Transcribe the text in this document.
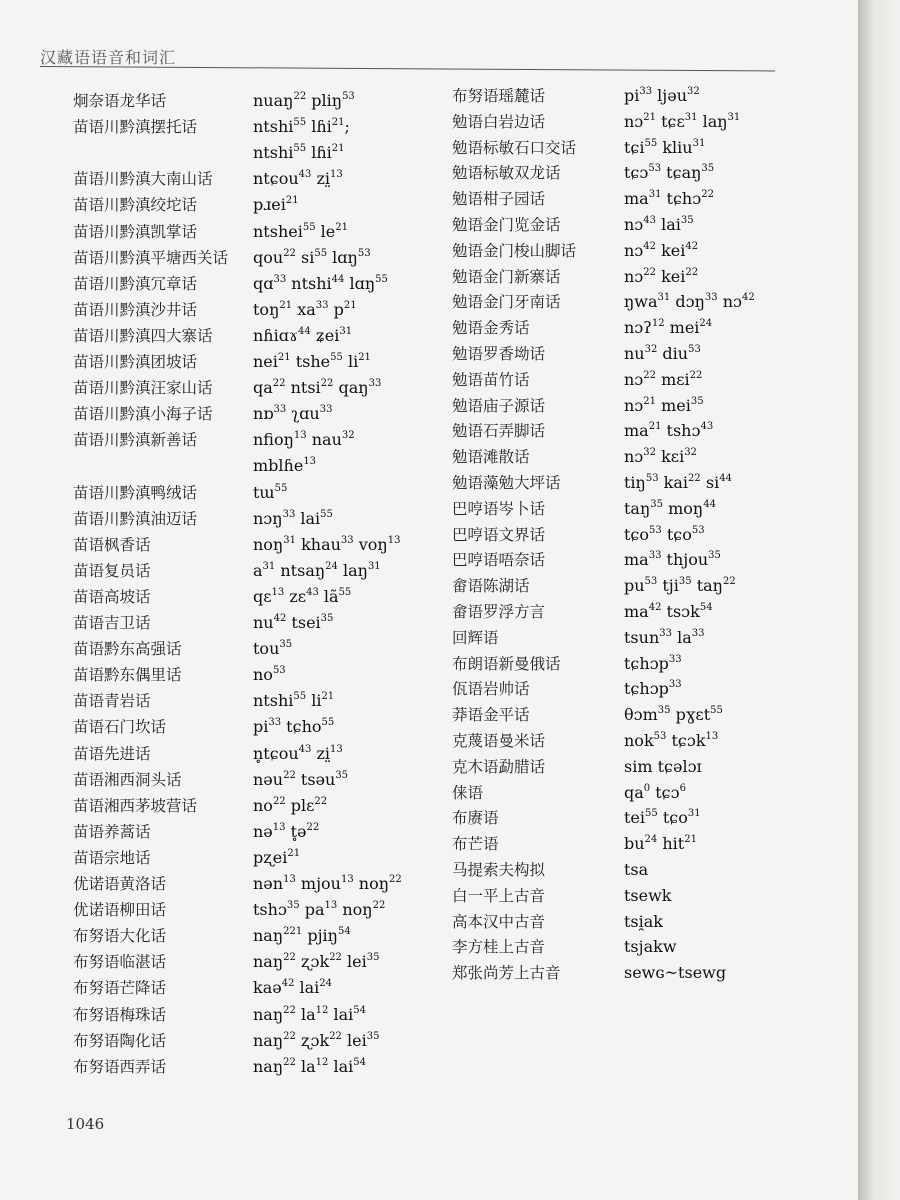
汉藏语语音和词汇
炯奈语龙华话	nuaŋ$^{22}$ pliŋ$^{53}$
苗语川黔滇摆托话	ntshi$^{55}$ lɦi$^{21}$;
ntshi$^{55}$ lɦi$^{21}$
苗语川黔滇大南山话	ntɕou$^{43}$ zi̤$^{13}$
苗语川黔滇绞坨话	pɹei$^{21}$
苗语川黔滇凯掌话	ntshei$^{55}$ $le^{21}$
苗语川黔滇平塘西关话 qou$^{22}$ $si^{55}$ lɑŋ$^{53}$
苗语川黔滇冗章话	qɑ$^{33}$ ntshi$^{44}$ lɑŋ$^{55}$
苗语川黔滇沙井话	toŋ$^{21}$ $xa^{33}$ $p^{21}$
苗语川黔滇四大寨话	nɦiɑɤ$^{44}$ ʑei$^{31}$
苗语川黔滇团坡话	nei$^{21}$ tshe$^{55}$ $li^{21}$
苗语川黔滇汪家山话	$qa^{22}$ ntsi$^{22}$ qaŋ$^{33}$
苗语川黔滇小海子话	nɒ$^{33}$ ʅɑu$^{33}$
苗语川黔滇新善话	nfioŋ$^{13}$ nau$^{32}$
mblɦe$^{13}$
苗语川黔滇鸭绒话	tɯ$^{55}$
苗语川黔滇油迈话	nɔŋ$^{33}$ lai$^{55}$
苗语枫香话	noŋ$^{31}$ khau$^{33}$ voŋ$^{13}$
苗语复员话	$a^{31}$ ntsaŋ$^{24}$ laŋ$^{31}$
苗语高坡话	qɛ$^{13}$ zɛ$^{43}$ $lã^{55}$
苗语吉卫话	$nu^{42}$ tsei$^{35}$
苗语黔东高强话	tou$^{35}$
苗语黔东偶里话	$no^{53}$
苗语青岩话	ntshi$^{55}$ $li^{21}$
苗语石门坎话	$pi^{33}$ tɕho$^{55}$
苗语先进话	n̥tɕou$^{43}$ zi̤$^{13}$
苗语湘西洞头话	nəu$^{22}$ tsəu$^{35}$
苗语湘西茅坡营话	$no^{22}$ plɛ$^{22}$
苗语养蒿话	nə$^{13}$ t̥ə$^{22}$
苗语宗地话	pʐei$^{21}$
优诺语黄洛话	nən$^{13}$ mjou$^{13}$ noŋ$^{22}$
优诺语柳田话	tshɔ$^{35}$ $pa^{13}$ noŋ$^{22}$
布努语大化话	naŋ$^{221}$ pjiŋ$^{54}$
布努语临湛话	naŋ$^{22}$ ʐɔk$^{22}$ lei$^{35}$
布努语芒降话	kaə$^{42}$ lai$^{24}$
布努语梅珠话	naŋ$^{22}$ $la^{12}$ lai$^{54}$
布努语陶化话	naŋ$^{22}$ ʐɔk$^{22}$ lei$^{35}$
布努语西弄话	naŋ$^{22}$ $la^{12}$ lai$^{54}$
布努语瑶麓话	$pi^{33}$ ljəu$^{32}$
勉语白岩边话	nɔ$^{21}$ tɕɛ$^{31}$ laŋ$^{31}$
勉语标敏石口交话	tɕi$^{55}$ kliu$^{31}$
勉语标敏双龙话	tɕɔ$^{53}$ tɕaŋ$^{35}$
勉语柑子园话	$ma^{31}$ tɕhɔ$^{22}$
勉语金门览金话	nɔ$^{43}$ lai$^{35}$
勉语金门梭山脚话	nɔ$^{42}$ kei$^{42}$
勉语金门新寨话	nɔ$^{22}$ kei$^{22}$
勉语金门牙南话	ŋwa$^{31}$ dɔŋ$^{33}$ nɔ$^{42}$
勉语金秀话	nɔʔ$^{12}$ mei$^{24}$
勉语罗香坳话	$nu^{32}$ diu$^{53}$
勉语苗竹话	nɔ$^{22}$ mɛi$^{22}$
勉语庙子源话	nɔ$^{21}$ mei$^{35}$
勉语石弄脚话	$ma^{21}$ tshɔ$^{43}$
勉语滩散话	nɔ$^{32}$ kɛi$^{32}$
勉语藻勉大坪话	tiŋ$^{53}$ kai$^{22}$ $si^{44}$
巴哼语岑卜话	taŋ$^{35}$ moŋ$^{44}$
巴哼语文界话	tɕo$^{53}$ tɕo$^{53}$
巴哼语唔奈话	$ma^{33}$ thjou$^{35}$
畲语陈湖话	$pu^{53}$ tji$^{35}$ taŋ$^{22}$
畲语罗浮方言	$ma^{42}$ tsɔk$^{54}$
回辉语	tsun$^{33}$ $la^{33}$
布朗语新曼俄话	tɕhɔp$^{33}$
佤语岩帅话	tɕhɔp$^{33}$
莽语金平话	θɔm$^{35}$ pɣɛt$^{55}$
克蔑语曼米话	nok$^{53}$ tɕɔk$^{13}$
克木语勐腊话	sim tɕəlɔɪ
俫语	$qa^0$ tɕɔ$^6$
布赓语	tei$^{55}$ tɕo$^{31}$
布芒语	$bu^{24}$ hit$^{21}$
马提索夫构拟	tsa
白一平上古音	tsewk
高本汉中古音	tsi̯ak
李方桂上古音	tsjakw
郑张尚芳上古音	sewɢ~tsewg
1046
